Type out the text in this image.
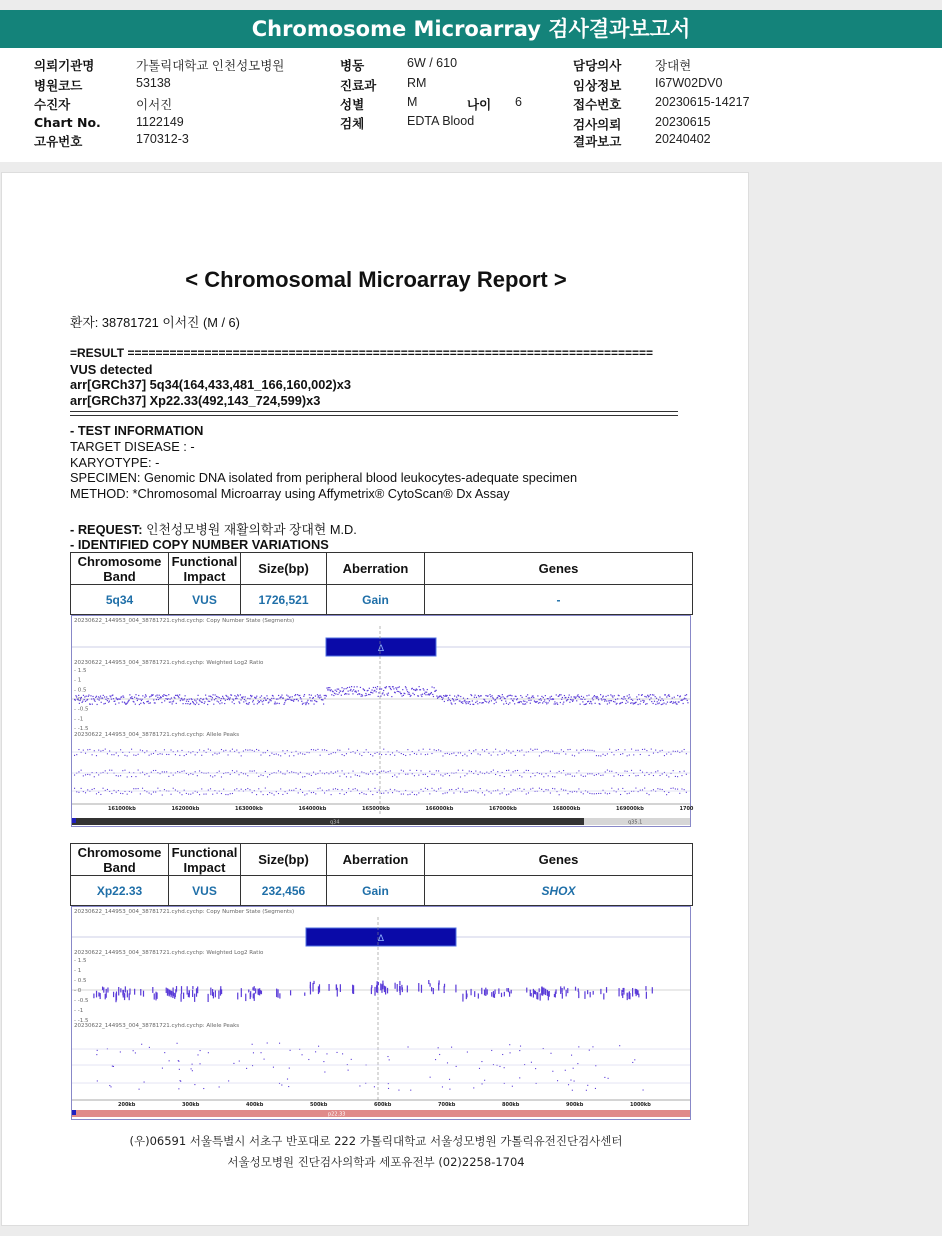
Chromosome Microarray 검사결과보고서
의뢰기관명	가톨릭대학교 인천성모병원
병원코드	53138
수진자	이서진
Chart No.	1122149
고유번호	170312-3
병동	6W / 610
진료과 RM
성별	M	나이 6
검체	EDTA Blood
담당의사	장대현
임상정보	I67W02DV0
접수번호	20230615-14217
검사의뢰	20230615
결과보고	20240402
< Chromosomal Microarray Report >
환자: 38781721 이서진 (M / 6)
=RESULT ===========================================================================
VUS detected
arr[GRCh37] 5q34(164,433,481_166,160,002)x3
arr[GRCh37] Xp22.33(492,143_724,599)x3
- TEST INFORMATION
TARGET DISEASE : -
KARYOTYPE: -
SPECIMEN: Genomic DNA isolated from peripheral blood leukocytes-adequate specimen
METHOD: *Chromosomal Microarray using Affymetrix® CytoScan® Dx Assay
- REQUEST: 인천성모병원 재활의학과 장대현 M.D.
- IDENTIFIED COPY NUMBER VARIATIONS
Chromosome Band	Functional Impact	Size(bp)	Aberration	Genes
5q34	VUS	1726,521	Gain	-
20230622_144953_004_38781721.cyhd.cychp: Copy Number State (Segments)
Δ
20230622_144953_004_38781721.cyhd.cychp: Weighted Log2 Ratio
- 1.5
- 1
- 0.5
- -0.5
- -1
- -1.5
20230622_144953_004_38781721.cyhd.cychp: Allele Peaks
161000kb	162000kb	163000kb	164000kb	165000kb	166000kb	167000kb	168000kb	169000kb	1700
q34	q35.1
Chromosome Band	Functional Impact	Size(bp)	Aberration	Genes
Xp22.33	VUS	232,456	Gain	SHOX
20230622_144953_004_38781721.cyhd.cychp: Copy Number State (Segments)
Δ
20230622_144953_004_38781721.cyhd.cychp: Weighted Log2 Ratio
- 1.5
- 1
- 0.5
- 0
- -0.5
- -1
- -1.5
20230622_144953_004_38781721.cyhd.cychp: Allele Peaks
200kb	300kb	400kb	500kb	600kb	700kb	800kb	900kb	1000kb
p22.33
(우)06591 서울특별시 서초구 반포대로 222 가톨릭대학교 서울성모병원 가톨릭유전진단검사센터
서울성모병원 진단검사의학과 세포유전부 (02)2258-1704
